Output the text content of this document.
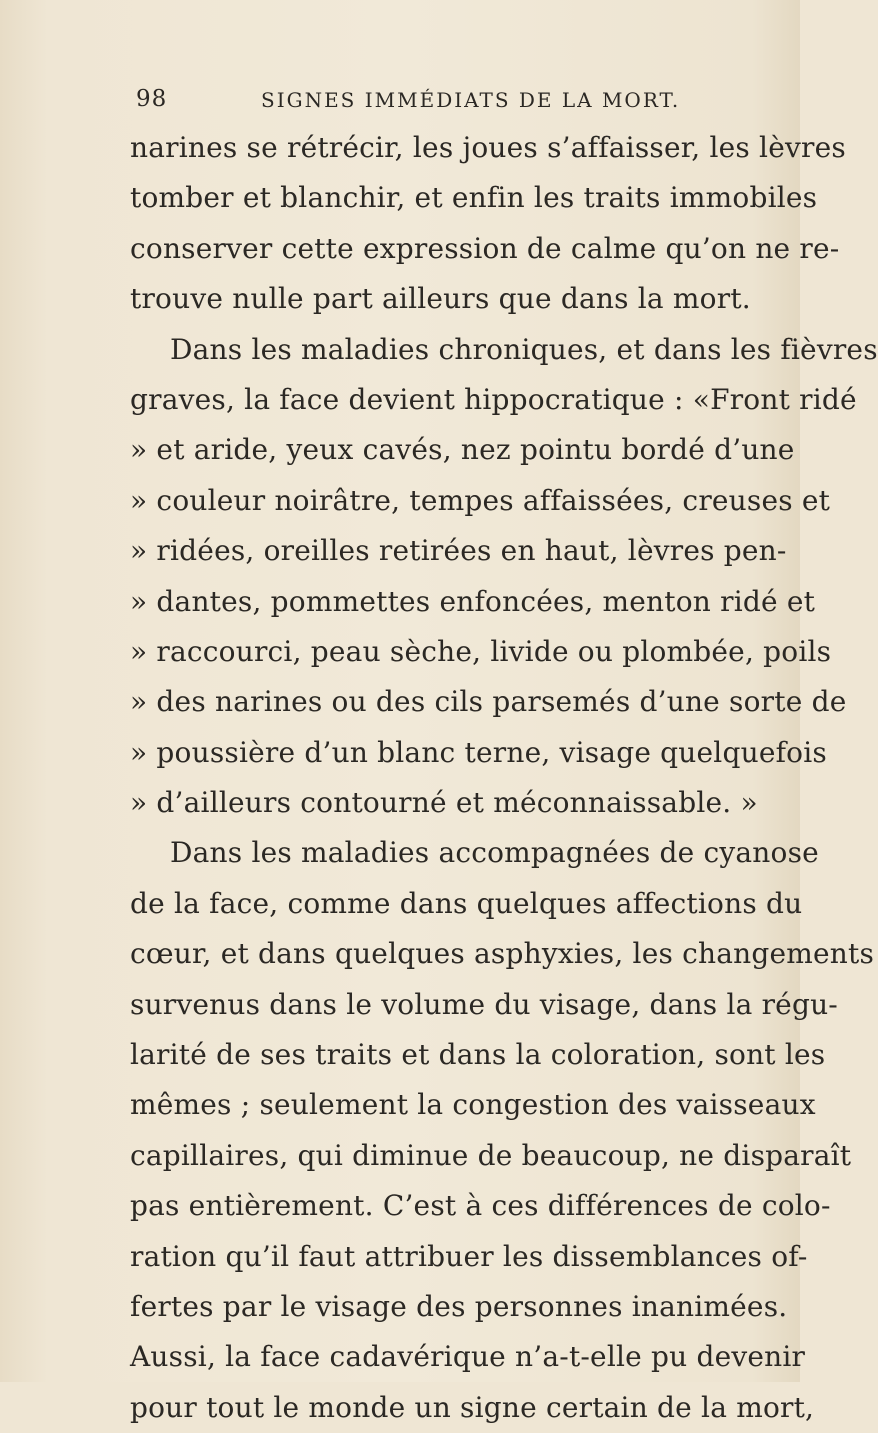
98	SIGNES IMMÉDIATS DE LA MORT.
narines se rétrécir, les joues s’affaisser, les lèvres
tomber et blanchir, et enfin les traits immobiles
conserver cette expression de calme qu’on ne re-
trouve nulle part ailleurs que dans la mort.
Dans les maladies chroniques, et dans les fièvres
graves, la face devient hippocratique : «Front ridé
» et aride, yeux cavés, nez pointu bordé d’une
» couleur noirâtre, tempes affaissées, creuses et
» ridées, oreilles retirées en haut, lèvres pen-
» dantes, pommettes enfoncées, menton ridé et
» raccourci, peau sèche, livide ou plombée, poils
» des narines ou des cils parsemés d’une sorte de
» poussière d’un blanc terne, visage quelquefois
» d’ailleurs contourné et méconnaissable. »
Dans les maladies accompagnées de cyanose
de la face, comme dans quelques affections du
cœur, et dans quelques asphyxies, les changements
survenus dans le volume du visage, dans la régu-
larité de ses traits et dans la coloration, sont les
mêmes ; seulement la congestion des vaisseaux
capillaires, qui diminue de beaucoup, ne disparaît
pas entièrement. C’est à ces différences de colo-
ration qu’il faut attribuer les dissemblances of-
fertes par le visage des personnes inanimées.
Aussi, la face cadavérique n’a-t-elle pu devenir
pour tout le monde un signe certain de la mort,
